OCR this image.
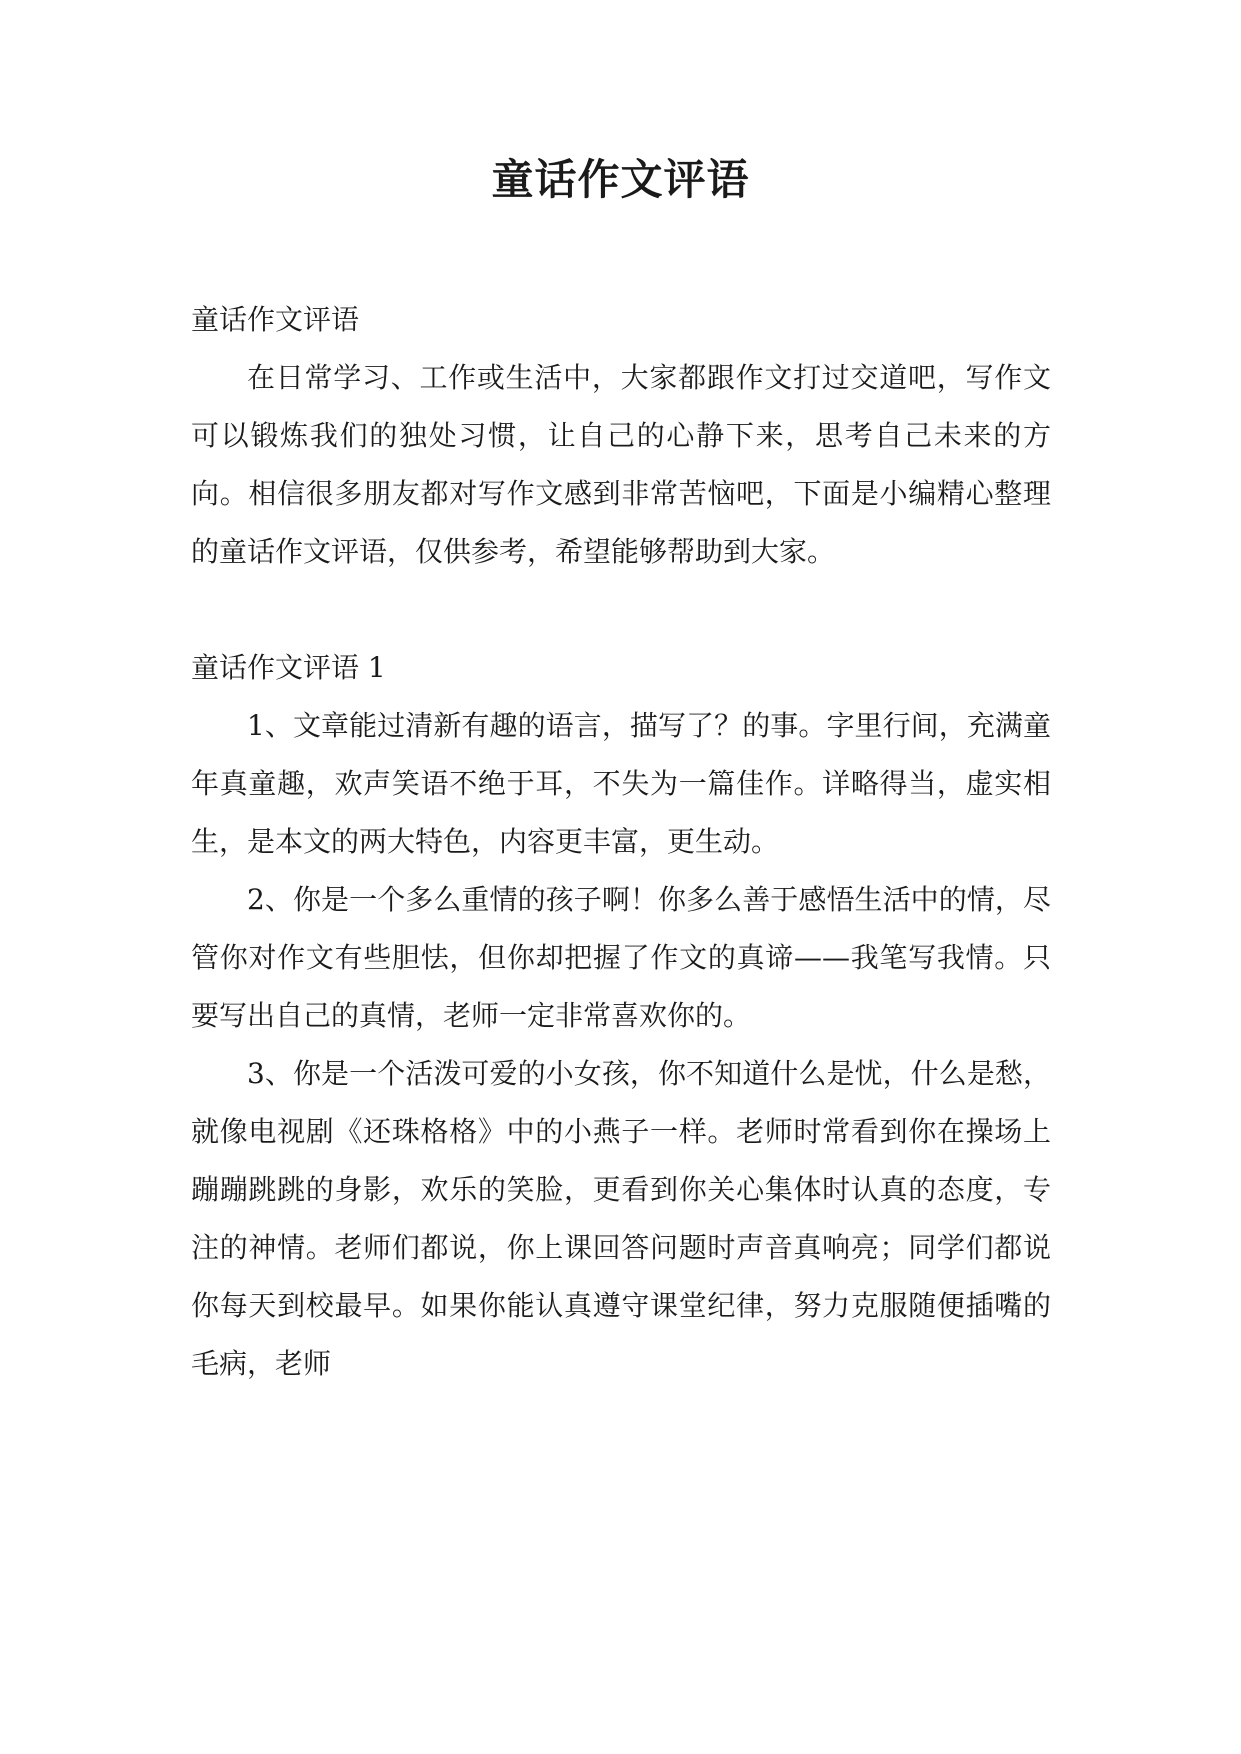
童话作文评语

童话作文评语

在日常学习、工作或生活中，大家都跟作文打过交道吧，写作文可以锻炼我们的独处习惯，让自己的心静下来，思考自己未来的方向。相信很多朋友都对写作文感到非常苦恼吧，下面是小编精心整理的童话作文评语，仅供参考，希望能够帮助到大家。

童话作文评语 1

1、文章能过清新有趣的语言，描写了？的事。字里行间，充满童年真童趣，欢声笑语不绝于耳，不失为一篇佳作。详略得当，虚实相生，是本文的两大特色，内容更丰富，更生动。

2、你是一个多么重情的孩子啊！你多么善于感悟生活中的情，尽管你对作文有些胆怯，但你却把握了作文的真谛——我笔写我情。只要写出自己的真情，老师一定非常喜欢你的。

3、你是一个活泼可爱的小女孩，你不知道什么是忧，什么是愁，就像电视剧《还珠格格》中的小燕子一样。老师时常看到你在操场上蹦蹦跳跳的身影，欢乐的笑脸，更看到你关心集体时认真的态度，专注的神情。老师们都说，你上课回答问题时声音真响亮；同学们都说你每天到校最早。如果你能认真遵守课堂纪律，努力克服随便插嘴的毛病，老师
